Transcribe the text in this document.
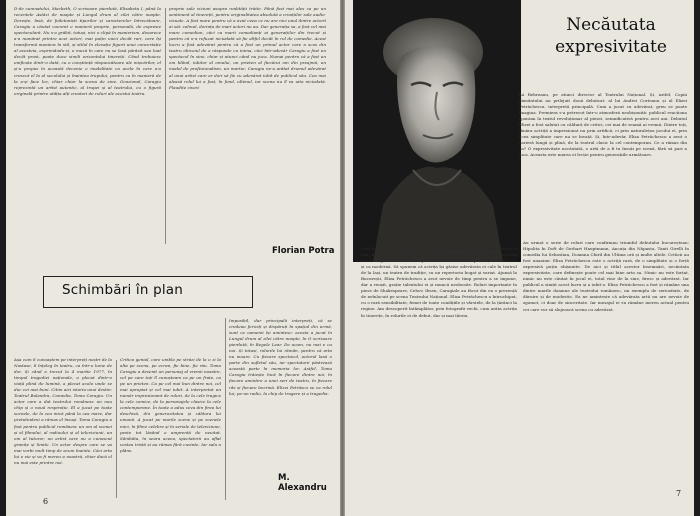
D-de cumnatului, Macbeth, O scrisoare pierdută, Elisabeta I, până la recentele Astăzi de noapte și Lungul drum al zilei către noapte. Dorește, însă, de foiletoniști tipurilor și caracterelor întrecătoare, Caragiu a căutat coerent o manieră proprie, personală, de expresie spectaculară. Nu s-a grăbit, totuși, nici o clipă în manierism, deoarece a-a numărat printre acei actori, mai puțin unici decât rari, care își transformă maniera în stil, și stilul în elevație figurii unui concertație al acesteia, exprimându-și, o muză în care nu se lasă părăsit sau luat decât prost, poate duce simili orizontului tinereții. Când trebuiesc unificate dintr-o dată, cu o conștiință răspunzătoare ale mișcărilor, el și-a propus în această decenie o modalitate ca acela în care a-a crescut el la al secolului și înaintea trupului, pentru ca în manieră de la a-și face loc, chiar chiar la scena de sine. Ocazional, Caragiu reprezintă un artist autentic, al trupei și al teatrului, cu o figură originală printre atâția alți creatori de roluri ale acestui teatru.

proprie sale viziuni asupra realității trăite. Până fost mai ales ca pe un sentiment al tinereții, pentru originalitatea absolută a creațiilor sale audio-vizuale. A fost mare pentru că a avut ceea ce nu are nici unul dintre actorii ai săi: calmul, dorința de mari actori nu au. Dar generația sa, a fost cel mai mare comedian, căci ca marii comedianți ai generațiilor din trecut și pentru că n-a refuzat niciodată să fie altfel decât în rol de comedie. Acest lucru a fost adevărat pentru că a fost un primul actor care a scos din teatru obiceiul de a răspunde cu inima, căci într-adevăr Caragiu a fost un spectacol în sine, chiar și atunci când nu juca. Numai pentru că a fost un om blând, iubitor al omului, un prieten al fiecărui om din preajmă, un model de profesionalism, un martor, Caragiu ne-a arătat drumul adevărat al unui artist care ar dori să fie cu adevărat iubit de publicul său. Cea mai aleasă rolul lui a fost, în fond, ultimul, iar scena nu îl va uita niciodată. Plaudite cives!

Florian Potra
Schimbări în plan

Așa cum îi cunoaștem pe interpreți noștri de la Nastase, îi înțeleg în teatru, ca într-o lume de dor. Și când a trecut la 4 martie 1977, în timpul tragediei naționale, a plecat dintr-o viață plină de lumină, a plecat acolo unde se duc cei mai buni. Citim aici istoria unui destin: Teatrul Bulandra, Comedia, Toma Caragiu. Un actor care a dat teatrului românesc un nou chip și o nouă respirație. El a jucat pe toate scenele, de la cea mică până la cea mare, dar pretutindeni a rămas el însuși. Toma Caragiu a fost pentru publicul românesc un om al scenei și al filmului, al radioului și al televiziunii, un om al tuturor, un artist care nu a cunoscut granițe și limite. Un actor despre care se va mai vorbi mult timp de acum înainte. Căci arta lui e vie și va fi mereu a noastră, chiar dacă el nu mai este printre noi.

Critica genial, care umbla pe străzi de la o zi la alta pe scena, pe ecran, fie bine, fie rău. Toma Caragiu a devenit un personaj al vremii noastre, cel pe care toți îl cunoșteam ca pe un frate, ca pe un prieten. Ca pe cel mai bun dintre noi, cel mai apropiat și cel mai iubit. A interpretat un număr impresionant de roluri, de la cele tragice la cele comice, de la personajele clasice la cele contemporane. În toate a adus ceva din firea lui deschisă, din generozitatea și căldura lui umană. A jucat pe marile scene și pe scenele mici, în filme celebre și în seriale de televiziune, peste tot lăsând o amprentă de neuitat. Sâmbăta, în seara aceea, spectatorii au aflat vestea tristă și au rămas fără cuvinte. Iar sala a plâns.

Imposibil, dar principalii interpreți, că se credeau fericiți și dispăruți în spațiul din urmă, sunt ce oamenii își amintesc: acesta a jucat în Lungul drum al zilei către noapte, în O scrisoare pierdută, în Regele Lear. De acum, nu mai e cu noi. Și totuși, rolurile lui rămân, pentru că arta nu moare. Cu fiecare spectacol, actorul lasă o parte din sufletul său, iar spectatorii păstrează această parte în memoria lor. Astfel, Toma Caragiu trăiește încă în fiecare dintre noi, în fiecare amintire a unei seri de teatru, în fiecare râs și fiecare lacrimă. Elizei Petrăscu se ca rolul lui; pe-un radio, la chip de tragere și a tragedia.

M. Alexandru
6
Necăutata
expresivitate

lui Rebreanu, pe atunci director al Teatrului Național. Și, astfel, Copiii pământului au prilejuit două debuturi: al lui Andrei Corteanu și al Elizei Petrăchescu, interpretă principală. Cum a jucat cu adevărat, greu se poate imagina. Premiera s-a petrecut într-o atmosferă neobișnuită: publicul reacționa spontan la textul revoluționar al piesei, semnificativă pentru acei ani. Debutul Elizei a fost salutat cu căldură de critici, cei mai de seamă ai vremii. Dintre toți, tânăra actriță a impresionat nu prin artificii, ci prin naturalețea jocului ei, prin acea simplitate care nu se învață. Și, într-adevăr, Eliza Petrăchescu a avut o carieră lungă și plină, de la teatrul clasic la cel contemporan. Ce a rămas din ea? O expresivitate necăutată, o artă de a fi tu însuți pe scenă, fără să pari a juca. Aceasta este marea ei lecție pentru generațiile următoare.

Cînd a coborît, în 1952, la București, Eliza Petrăchescu era doar celebra la Iași, Ion Sava și, mai ales, Ion Aurel Maican se vorbeau despre această elevă a Agathei Bârsescu, deprinsă de strălucită în experiențele clasice ca și ca modernă. Să spunem că actrița își găsise adevărata ei cale în teatrul de la Iași, un teatru de tradiție, cu un repertoriu bogat și variat. Ajunsă la București, Eliza Petrăchescu a avut nevoie de timp pentru a se impune, dar a reușit, grație talentului ei și muncii neobosite. Roluri importante în piese de Shakespeare, Cehov, Ibsen, Caragiale au făcut din ea o prezență de neînlocuit pe scena Teatrului Național. Eliza Petrăchescu a întruchipat, cu o rară sensibilitate, femei de toate condițiile și vârstele, de la țărănci la regine. Am descoperit întâmplător, prin fotografii vechi, cum arăta actrița în tinerețe, în rolurile ei de debut, dar și mai târziu.

Au urmat o serie de roluri care confirmau triumful debutului bucureștean: Hipolita în Doft de Gerhart Hauptmann, Ancuța din Năpasta, Tanti Girelli în comedia lui Sebastian, Doamna Chiril din Ultima oră și multe altele. Criticii au fost unanimi: Eliza Petrăchescu este o actriță rară, de o simplitate și o forță expresivă puțin obișnuite. De aici și titlul acestor însemnări, necăutata expresivitate, care definește poate cel mai bine arta sa. Nimic nu este forțat, nimic nu este căutat în jocul ei, totul vine de la sine, firesc și adevărat. Iar publicul a simțit acest lucru și a iubit-o. Eliza Petrăchescu a fost și rămâne una dintre marile doamne ale teatrului românesc, un exemplu de seriozitate, de dăruire și de modestie. Ea ne amintește că adevărata artă nu are nevoie de zgomot, ci doar de sinceritate. Iar mesajul ei va rămâne mereu actual pentru cei care vor să slujească scena cu adevărat.

7
